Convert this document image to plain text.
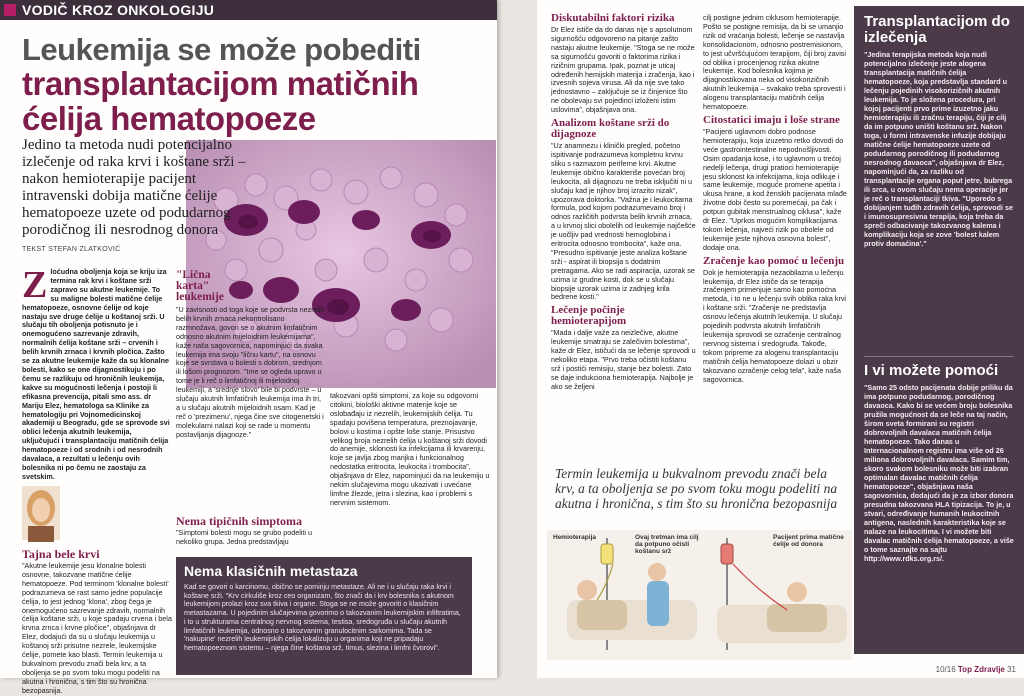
VODIČ KROZ ONKOLOGIJU
Leukemija se može pobediti
transplantacijom matičnih
ćelija hematopoeze

Jedino ta metoda nudi potencijalno izlečenje od raka krvi i koštane srži – nakon hemioterapije pacijent intravenski dobija matične ćelije hematopoeze uzete od podudarnog porodičnog ili nesrodnog donora

TEKST STEFAN ZLATKOVIĆ
Z loćudna oboljenja koja se kriju iza termina rak krvi i koštane srži zapravo su akutne leukemije. To su maligne bolesti matične ćelije hematopoeze, osnovne ćelije od koje nastaju sve druge ćelije u koštanoj srži. U slučaju tih oboljenja potisnuto je i onemogućeno sazrevanje zdravih, normalnih ćelija koštane srži – crvenih i belih krvnih zrnaca i krvnih pločica. Zašto se za akutne leukemije kaže da su klonalne bolesti, kako se one dijagnostikuju i po čemu se razlikuju od hroničnih leukemija, kakve su mogućnosti lečenja i postoji li efikasna prevencija, pitali smo ass. dr Mariju Elez, hematologa sa Klinike za hematologiju pri Vojnomedicinskoj akademiji u Beogradu, gde se sprovode svi oblici lečenja akutnih leukemija, uključujući i transplantaciju matičnih ćelija hematopoeze i od srodnih i od nesrodnih davalaca, a rezultati u lečenju ovih bolesnika ni po čemu ne zaostaju za svetskim.
Tajna bele krvi
"Akutne leukemije jesu klonalne bolesti osnovne, takozvane matične ćelije hematopoeze. Pod terminom 'klonalne bolesti' podrazumeva se rast samo jedne populacije ćelija, to jest jednog 'klona', zbog čega je onemogućeno sazrevanje zdravih, normalnih ćelija koštane srži, u koje spadaju crvena i bela krvna zrnca i krvne pločice", objašnjava dr Elez, dodajući da su u slučaju leukemija u koštanoj srži prisutne nezrele, leukemijske ćelije, pomete kao blasti. Termin leukemija u bukvalnom prevodu znači bela krv, a ta oboljenja se po svom toku mogu podeliti na akutna i hronična, s tim što su hronična bezopasnija.
"Lična karta" leukemije
"U zavisnosti od toga koje se podvrsta nezrelih belih krvnih zrnaca nekontrolisano razmnožava, govori se o akutnim limfatičnim odnosno akutnim mijeloidnim leukemijama", kaže naša sagovornica, napominjući da svaka leukemija ima svoju "ličnu kartu", na osnovu koje se svrstava u bolesti s dobrom, srednjom ili lošom prognozom. "Ime se ogleda upravo u tome je li reč o limfatičnoj ili mijeloidnoj leukemiji, a 'srednje slovo' bile bi podvrste – u slučaju akutnih limfatičnih leukemija ima ih tri, a u slučaju akutnih mijeloidnih osam. Kad je reč o 'prezimenu', njega čine sve citogenetski i molekularni nalazi koji se rade u momentu postavljanja dijagnoze."
Nema tipičnih simptoma
"Simptomi bolesti mogu se grubo podeliti u nekoliko grupa. Jedna predstavljaju
takozvani opšti simptomi, za koje su odgovorni citokini, biološki aktivne materije koje se oslobađaju iz nezrelih, leukemijskih ćelija. Tu spadaju povišena temperatura, preznojavanje, bolovi u kostima i opšte loše stanje. Prisustvo velikog broja nezrelih ćelija u koštanoj srži dovodi do anemije, sklonosti ka infekcijama ili krvarenju, koje se javlja zbog manjka i funkcionalnog nedostatka eritrocita, leukocita i trombocita", objašnjava dr Elez, napominjući da na leukemiju u nekim slučajevima mogu ukazivati i uvećane limfne žlezde, jetra i slezina, kao i problemi s nervnim sistemom.
Nema klasičnih metastaza
Kad se govori o karcinomu, obično se pominju metastaze. Ali ne i u slučaju raka krvi i koštane srži. "Krv cirkuliše kroz ceo organizam, što znači da i krv bolesnika s akutnom leukemijom prolazi kroz sva tkiva i organe. Stoga se ne može govoriti o klasičnim metastazama. U pojedinim slučajevima govorimo o takozvanim leukemijskim infiltratima, i to u strukturama centralnog nervnog sistema, testisa, sredogruđa u slučaju akutnih limfatičnih leukemija, odnosno o takozvanim granulocitnim sarkomima. Tada se 'nakupine' nezrelih leukemijskih ćelija lokalizuju u organima koji ne pripadaju hematopoeznom sistemu – njega čine koštana srž, timus, slezina i limfni čvorovi".
Diskutabilni faktori rizika
Dr Elez ističe da do danas nije s apsolutnom sigurnošću odgovoreno na pitanje zašto nastaju akutne leukemije. "Stoga se ne može sa sigurnošću govoriti o faktorima rizika i rizičnim grupama. Ipak, poznat je uticaj određenih hemijskih materija i zračenja, kao i izvesnih sojeva virusa. Ali da nije sve tako jednostavno – zaključuje se iz činjenice što ne obolevaju svi pojedinci izloženi istim uslovima", objašnjava ona.
Analizom koštane srži do dijagnoze
"Uz anamnezu i klinički pregled, početno ispitivanje podrazumeva kompletnu krvnu sliku s razmazom periferne krvi. Akutne leukemije obično karakteriše povećan broj leukocita, ali dijagnozu ne treba isključiti ni u slučaju kad je njihov broj izrazito nizak", upozorava doktorka. "Važna je i leukocitarna formula, pod kojom podrazumevamo broj i odnos različitih podvrsta belih krvnih zrnaca, a u krvnoj slici obolelih od leukemije najčešće je uočljiv pad vrednosti hemoglobina i eritrocita odnosno trombocita", kaže ona. "Presudno ispitivanje jeste analiza koštane srži - aspirat ili biopsija s dodatnim pretragama. Ako se radi aspiracija, uzorak se uzima iz grudne kosti, dok se u slučaju biopsije uzorak uzima iz zadnjeg krila bedrene kosti."
Lečenje počinje hemioterapijom
"Mada i dalje važe za neizlečive, akutne leukemije smatraju se zalečivim bolestima", kaže dr Elez, ističući da se lečenje sprovodi u nekoliko etapa. "Prvo treba očistiti koštanu srž i postići remisiju, stanje bez bolesti. Zato se daje indukciona hemioterapija. Najbolje je ako se željeni
cilj postigne jednim ciklusom hemioterapije. Pošto se postigne remisija, da bi se umanjio rizik od vraćanja bolesti, lečenje se nastavlja konsolidacionom, odnosno postremisionom, to jest učvršćujućom terapijom, čiji broj zavisi od oblika i procenjenog rizika akutne leukemije. Kod bolesnika kojima je dijagnostikovana neka od visokorizičnih akutnih leukemija – svakako treba sprovesti i alogenu transplantaciju matičnih ćelija hematopoeze.
Citostatici imaju i loše strane
"Pacijenti uglavnom dobro podnose hemioterapiju, koja izuzetno retko dovodi do veće gastrointestinalne nepodnošljivosti. Osim opadanja kose, i to uglavnom u trećoj nedelji lečenja, drugi pratioci hemioterapije jesu sklonost ka infekcijama, koja odlikuje i same leukemije, moguće promene apetita i ukusa hrane, a kod ženskih pacijenata mlađe životne dobi često su poremećaji, pa čak i potpun gubitak menstrualnog ciklusa", kaže dr Elez. "Uprkos mogućim komplikacijama tokom lečenja, najveći rizik po obolele od leukemije jeste njihova osnovna bolest", dodaje ona.
Zračenje kao pomoć u lečenju
Dok je hemioterapija nezaobilazna u lečenju leukemija, dr Elez ističe da se terapija zračenjem primenjuje samo kao pomoćna metoda, i to ne u lečenju svih oblika raka krvi i koštane srži. "Zračenje ne predstavlja osnovu lečenja akutnih leukemija. U slučaju pojedinih podvrsta akutnih limfatičnih leukemija sprovodi se ozračenje centralnog nervnog sistema i sredogruđa. Takođe, tokom pripreme za alogenu transplantaciju matičnih ćelija hematopoeze dolazi u obzir takozvano ozračenje celog tela", kaže naša sagovornica.
Termin leukemija u bukvalnom prevodu znači bela krv, a ta oboljenja se po svom toku mogu podeliti na akutna i hronična, s tim što su hronična bezopasnija
Hemioterapija	Ovaj tretman ima cilj da potpuno očisti koštanu srž
Pacijent prima matične ćelije od donora
Transplantacijom do izlečenja
"Jedina terapijska metoda koja nudi potencijalno izlečenje jeste alogena transplantacija matičnih ćelija hematopoeze, koja predstavlja standard u lečenju pojedinih visokorizičnih akutnih leukemija. To je složena procedura, pri kojoj pacijenti prvo prime izuzetno jaku hemioterapiju ili zračnu terapiju, čiji je cilj da im potpuno uništi koštanu srž. Nakon toga, u formi intravenske infuzije dobijaju matične ćelije hematopoeze uzete od podudarnog porodičnog ili podudarnog nesrodnog davaoca", objašnjava dr Elez, napominjući da, za razliku od transplantacije organa poput jetre, bubrega ili srca, u ovom slučaju nema operacije jer je reč o transplantaciji tkiva. "Uporedo s dobijanjem tuđih zdravih ćelija, sprovodi se i imunosupresivna terapija, koja treba da spreči odbacivanje takozvanog kalema i komplikaciju koja se zove 'bolest kalem protiv domaćina'."
I vi možete pomoći
"Samo 25 odsto pacijenata dobije priliku da ima potpuno podudarnog, porodičnog davaoca. Kako bi se većem broju bolesnika pružila mogućnost da se leče na taj način, širom sveta formirani su registri dobrovoljnih davalaca matičnih ćelija hematopoeze. Tako danas u Internacionalnom registru ima više od 26 miliona dobrovoljnih davalaca. Samim tim, skoro svakom bolesniku može biti izabran optimalan davalac matičnih ćelija hematopoeze", objašnjava naša sagovornica, dodajući da je za izbor donora presudna takozvana HLA tipizacija. To je, u stvari, određivanje humanih leukocitnih antigena, naslednih karakteristika koje se nalaze na leukocitima. I vi možete biti davalac matičnih ćelija hematopoeze, a više o tome saznajte na sajtu http://www.rdks.org.rs/.
10/16 Top Zdravlje 31
